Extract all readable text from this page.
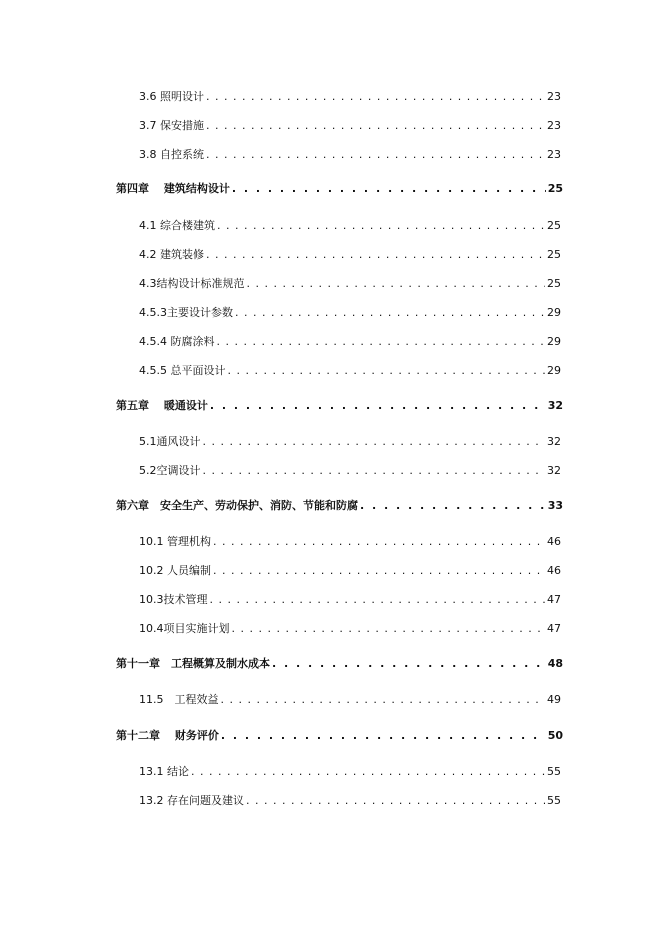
3.6 照明设计 . . .	23
3.7 保安措施 . . .	23
3.8 自控系统 . . .	23
第四章　 建筑结构设计 . . .	25
4.1 综合楼建筑 . . .	25
4.2 建筑装修 . . .	25
4.3结构设计标准规范 . . .	25
4.5.3主要设计参数 . . .	29
4.5.4 防腐涂料 . . .	29
4.5.5 总平面设计 . . .	29
第五章　 暖通设计 . . .	32
5.1通风设计 . . .	32
5.2空调设计 . . .	32
第六章　安全生产、劳动保护、消防、节能和防腐 . . .	33
10.1 管理机构 . . .	46
10.2 人员编制 . . .	46
10.3技术管理 . . .	47
10.4项目实施计划 . . .	47
第十一章　工程概算及制水成本 . . .	48
11.5　工程效益 . . .	49
第十二章　 财务评价 . . .	50
13.1 结论 . . .	55
13.2 存在问题及建议 . . .	55
